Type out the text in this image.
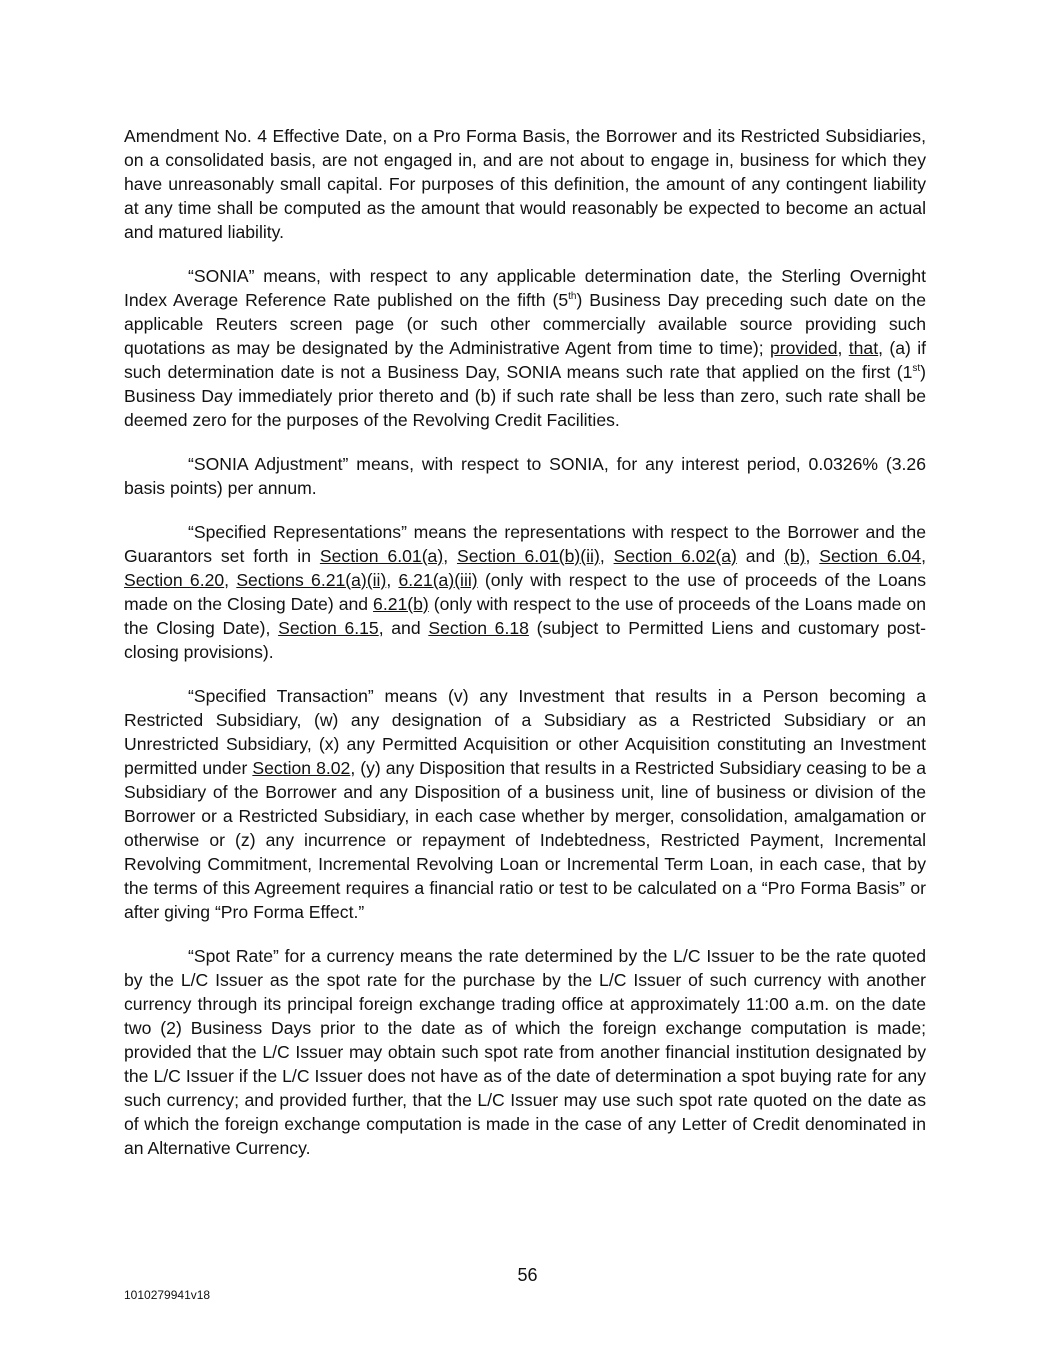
Amendment No. 4 Effective Date, on a Pro Forma Basis, the Borrower and its Restricted Subsidiaries, on a consolidated basis, are not engaged in, and are not about to engage in, business for which they have unreasonably small capital. For purposes of this definition, the amount of any contingent liability at any time shall be computed as the amount that would reasonably be expected to become an actual and matured liability.

“SONIA” means, with respect to any applicable determination date, the Sterling Overnight Index Average Reference Rate published on the fifth (5th) Business Day preceding such date on the applicable Reuters screen page (or such other commercially available source providing such quotations as may be designated by the Administrative Agent from time to time); provided, that, (a) if such determination date is not a Business Day, SONIA means such rate that applied on the first (1st) Business Day immediately prior thereto and (b) if such rate shall be less than zero, such rate shall be deemed zero for the purposes of the Revolving Credit Facilities.

“SONIA Adjustment” means, with respect to SONIA, for any interest period, 0.0326% (3.26 basis points) per annum.

“Specified Representations” means the representations with respect to the Borrower and the Guarantors set forth in Section 6.01(a), Section 6.01(b)(ii), Section 6.02(a) and (b), Section 6.04, Section 6.20, Sections 6.21(a)(ii), 6.21(a)(iii) (only with respect to the use of proceeds of the Loans made on the Closing Date) and 6.21(b) (only with respect to the use of proceeds of the Loans made on the Closing Date), Section 6.15, and Section 6.18 (subject to Permitted Liens and customary post-closing provisions).

“Specified Transaction” means (v) any Investment that results in a Person becoming a Restricted Subsidiary, (w) any designation of a Subsidiary as a Restricted Subsidiary or an Unrestricted Subsidiary, (x) any Permitted Acquisition or other Acquisition constituting an Investment permitted under Section 8.02, (y) any Disposition that results in a Restricted Subsidiary ceasing to be a Subsidiary of the Borrower and any Disposition of a business unit, line of business or division of the Borrower or a Restricted Subsidiary, in each case whether by merger, consolidation, amalgamation or otherwise or (z) any incurrence or repayment of Indebtedness, Restricted Payment, Incremental Revolving Commitment, Incremental Revolving Loan or Incremental Term Loan, in each case, that by the terms of this Agreement requires a financial ratio or test to be calculated on a “Pro Forma Basis” or after giving “Pro Forma Effect.”

“Spot Rate” for a currency means the rate determined by the L/C Issuer to be the rate quoted by the L/C Issuer as the spot rate for the purchase by the L/C Issuer of such currency with another currency through its principal foreign exchange trading office at approximately 11:00 a.m. on the date two (2) Business Days prior to the date as of which the foreign exchange computation is made; provided that the L/C Issuer may obtain such spot rate from another financial institution designated by the L/C Issuer if the L/C Issuer does not have as of the date of determination a spot buying rate for any such currency; and provided further, that the L/C Issuer may use such spot rate quoted on the date as of which the foreign exchange computation is made in the case of any Letter of Credit denominated in an Alternative Currency.

56
1010279941v18
